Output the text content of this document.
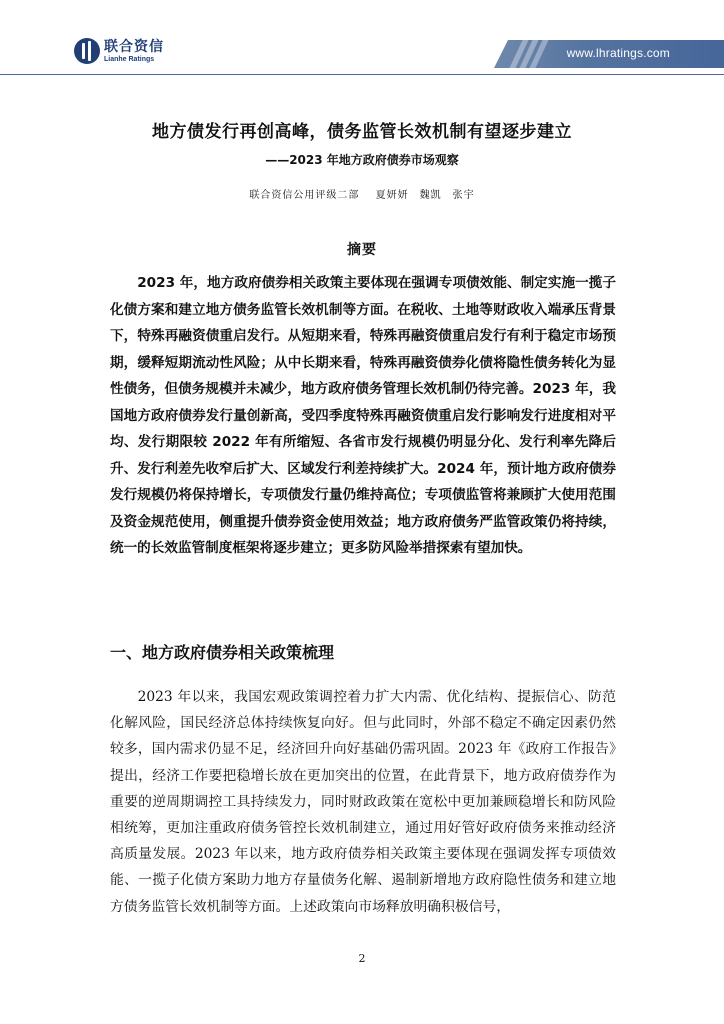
联合资信
Lianhe Ratings	www.lhratings.com
地方债发行再创高峰，债务监管长效机制有望逐步建立
——2023 年地方政府债券市场观察
联合资信公用评级二部 夏妍妍　魏凯　张宇
摘要

2023 年，地方政府债券相关政策主要体现在强调专项债效能、制定实施一揽子化债方案和建立地方债务监管长效机制等方面。在税收、土地等财政收入端承压背景下，特殊再融资债重启发行。从短期来看，特殊再融资债重启发行有利于稳定市场预期，缓释短期流动性风险；从中长期来看，特殊再融资债券化债将隐性债务转化为显性债务，但债务规模并未减少，地方政府债务管理长效机制仍待完善。2023 年，我国地方政府债券发行量创新高，受四季度特殊再融资债重启发行影响发行进度相对平均、发行期限较 2022 年有所缩短、各省市发行规模仍明显分化、发行利率先降后升、发行利差先收窄后扩大、区域发行利差持续扩大。2024 年，预计地方政府债券发行规模仍将保持增长，专项债发行量仍维持高位；专项债监管将兼顾扩大使用范围及资金规范使用，侧重提升债券资金使用效益；地方政府债务严监管政策仍将持续，统一的长效监管制度框架将逐步建立；更多防风险举措探索有望加快。

一、地方政府债券相关政策梳理

2023 年以来，我国宏观政策调控着力扩大内需、优化结构、提振信心、防范化解风险，国民经济总体持续恢复向好。但与此同时，外部不稳定不确定因素仍然较多，国内需求仍显不足，经济回升向好基础仍需巩固。2023 年《政府工作报告》提出，经济工作要把稳增长放在更加突出的位置，在此背景下，地方政府债券作为重要的逆周期调控工具持续发力，同时财政政策在宽松中更加兼顾稳增长和防风险相统筹，更加注重政府债务管控长效机制建立，通过用好管好政府债务来推动经济高质量发展。2023 年以来，地方政府债券相关政策主要体现在强调发挥专项债效能、一揽子化债方案助力地方存量债务化解、遏制新增地方政府隐性债务和建立地方债务监管长效机制等方面。上述政策向市场释放明确积极信号，

2
